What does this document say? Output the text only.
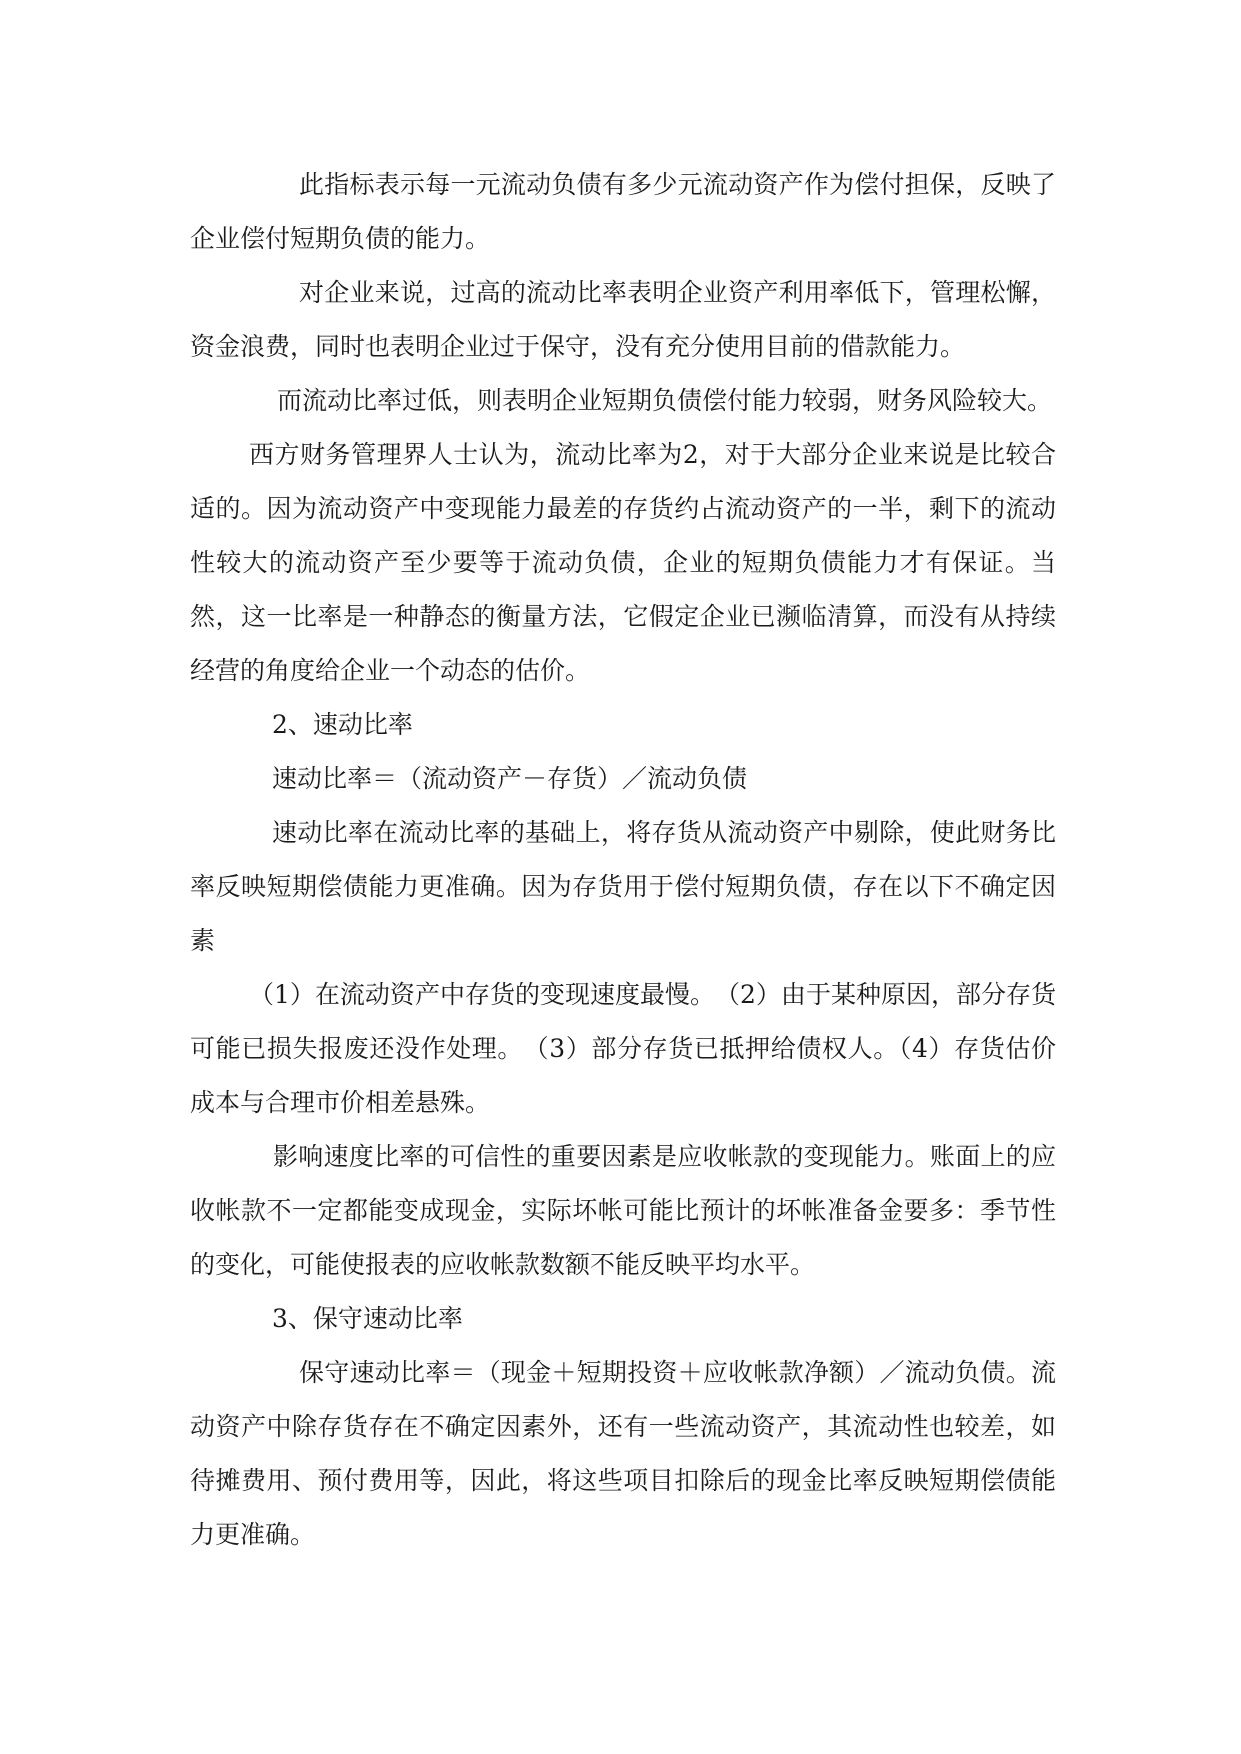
此指标表示每一元流动负债有多少元流动资产作为偿付担保，反映了企业偿付短期负债的能力。

对企业来说，过高的流动比率表明企业资产利用率低下，管理松懈，资金浪费，同时也表明企业过于保守，没有充分使用目前的借款能力。

而流动比率过低，则表明企业短期负债偿付能力较弱，财务风险较大。

西方财务管理界人士认为，流动比率为2，对于大部分企业来说是比较合适的。因为流动资产中变现能力最差的存货约占流动资产的一半，剩下的流动性较大的流动资产至少要等于流动负债，企业的短期负债能力才有保证。当然，这一比率是一种静态的衡量方法，它假定企业已濒临清算，而没有从持续经营的角度给企业一个动态的估价。

2、速动比率

速动比率＝（流动资产－存货）／流动负债

速动比率在流动比率的基础上，将存货从流动资产中剔除，使此财务比率反映短期偿债能力更准确。因为存货用于偿付短期负债，存在以下不确定因素

（1）在流动资产中存货的变现速度最慢。　（2）由于某种原因，部分存货可能已损失报废还没作处理。　（3）部分存货已抵押给债权人。（4）存货估价成本与合理市价相差悬殊。

影响速度比率的可信性的重要因素是应收帐款的变现能力。账面上的应收帐款不一定都能变成现金，实际坏帐可能比预计的坏帐准备金要多：季节性的变化，可能使报表的应收帐款数额不能反映平均水平。

3、保守速动比率

保守速动比率＝（现金＋短期投资＋应收帐款净额）／流动负债。流动资产中除存货存在不确定因素外，还有一些流动资产，其流动性也较差，如待摊费用、预付费用等，因此，将这些项目扣除后的现金比率反映短期偿债能力更准确。
